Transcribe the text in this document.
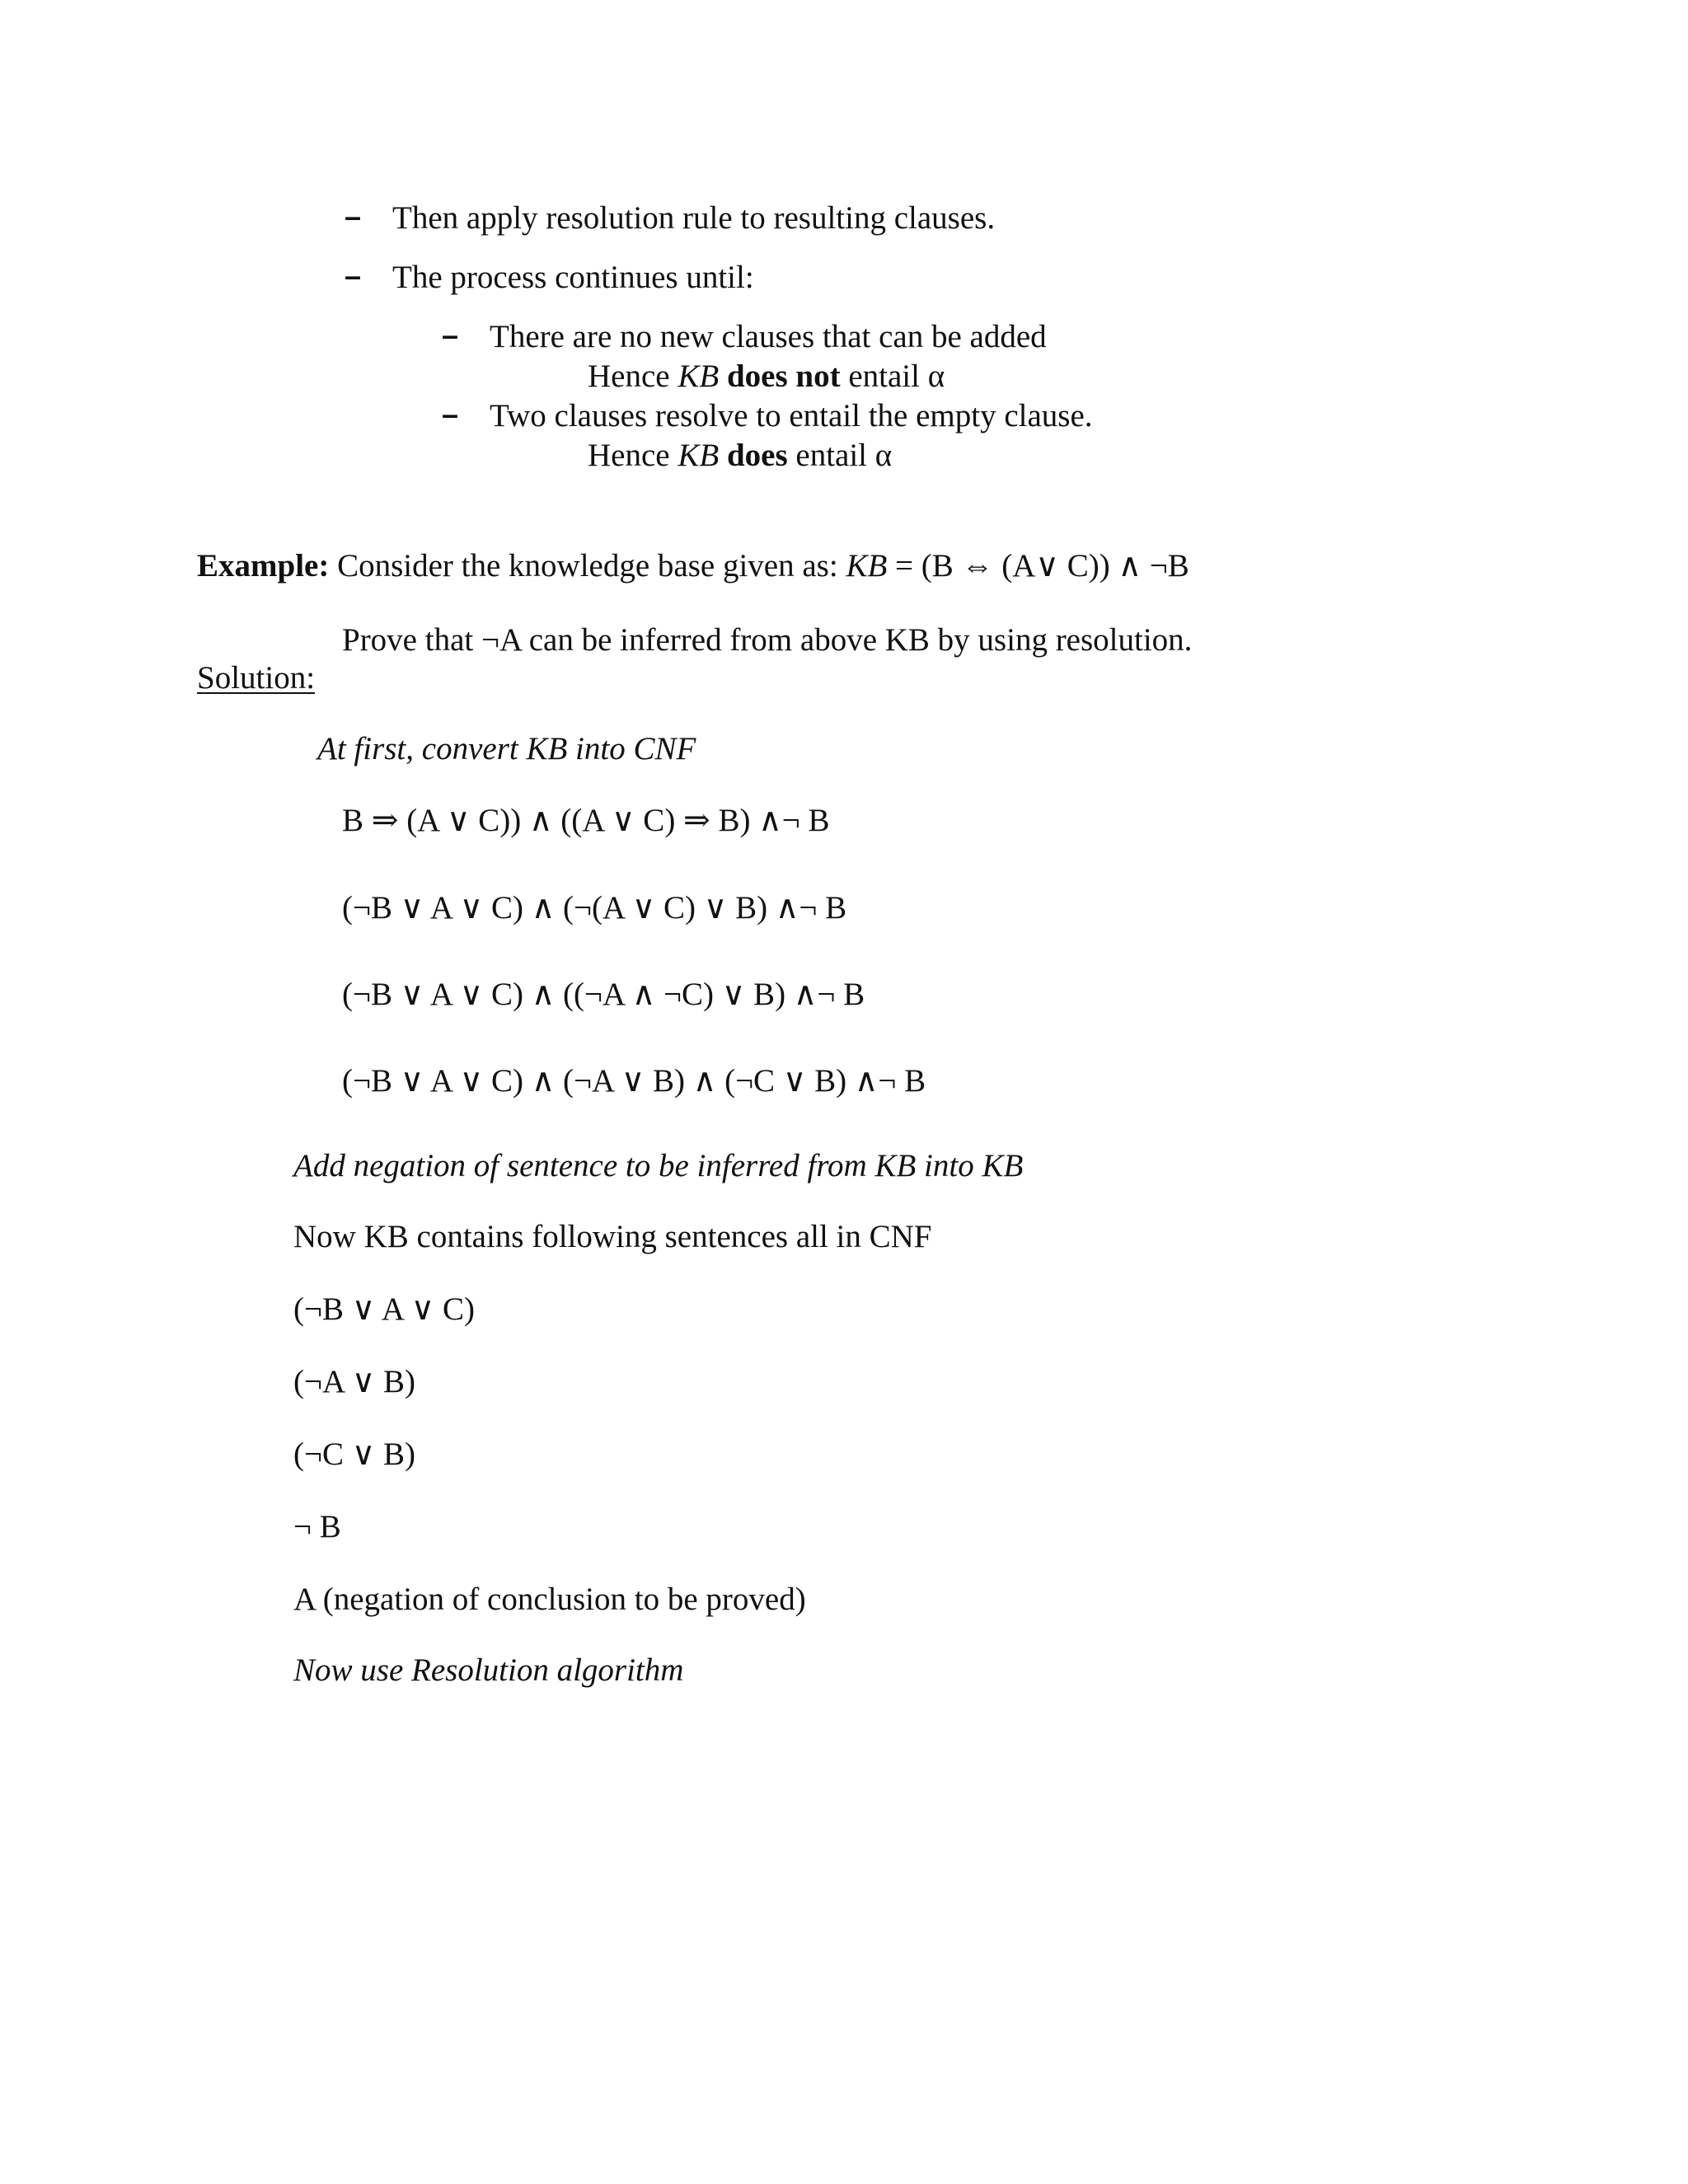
– Then apply resolution rule to resulting clauses.
– The process continues until:
– There are no new clauses that can be added
Hence KB does not entail α
– Two clauses resolve to entail the empty clause.
Hence KB does entail α
Example: Consider the knowledge base given as: KB = (B ⇔ (A∨ C)) ∧ ¬B
Prove that ¬A can be inferred from above KB by using resolution.
Solution:
At first, convert KB into CNF
B ⇒ (A ∨ C)) ∧ ((A ∨ C) ⇒ B) ∧¬ B
(¬B ∨ A ∨ C) ∧ (¬(A ∨ C) ∨ B) ∧¬ B
(¬B ∨ A ∨ C) ∧ ((¬A ∧ ¬C) ∨ B) ∧¬ B
(¬B ∨ A ∨ C) ∧ (¬A ∨ B) ∧ (¬C ∨ B) ∧¬ B
Add negation of sentence to be inferred from KB into KB
Now KB contains following sentences all in CNF
(¬B ∨ A ∨ C)
(¬A ∨ B)
(¬C ∨ B)
¬ B
A (negation of conclusion to be proved)
Now use Resolution algorithm
